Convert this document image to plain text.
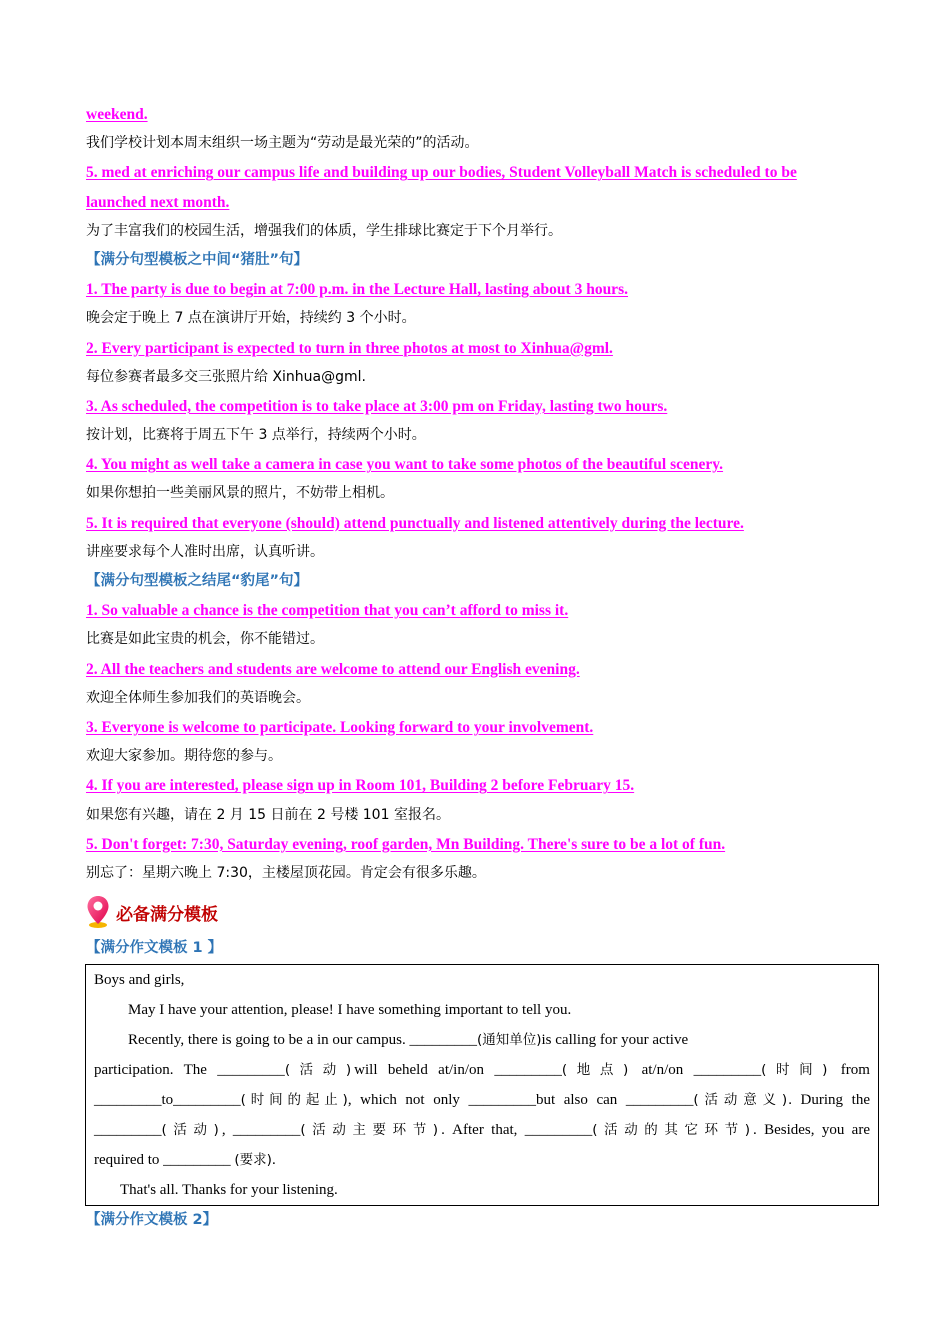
weekend.
我们学校计划本周末组织一场主题为“劳动是最光荣的”的活动。
5. med at enriching our campus life and building up our bodies, Student Volleyball Match is scheduled to be
launched next month.
为了丰富我们的校园生活，增强我们的体质，学生排球比赛定于下个月举行。
【满分句型模板之中间“猪肚”句】
1. The party is due to begin at 7:00 p.m. in the Lecture Hall, lasting about 3 hours.
晚会定于晚上 7 点在演讲厅开始，持续约 3 个小时。
2. Every participant is expected to turn in three photos at most to Xinhua@gml.
每位参赛者最多交三张照片给 Xinhua@gml.
3. As scheduled, the competition is to take place at 3:00 pm on Friday, lasting two hours.
按计划，比赛将于周五下午 3 点举行，持续两个小时。
4. You might as well take a camera in case you want to take some photos of the beautiful scenery.
如果你想拍一些美丽风景的照片，不妨带上相机。
5. It is required that everyone (should) attend punctually and listened attentively during the lecture.
讲座要求每个人准时出席，认真听讲。
【满分句型模板之结尾“豹尾”句】
1. So valuable a chance is the competition that you can’t afford to miss it.
比赛是如此宝贵的机会，你不能错过。
2. All the teachers and students are welcome to attend our English evening.
欢迎全体师生参加我们的英语晚会。
3. Everyone is welcome to participate. Looking forward to your involvement.
欢迎大家参加。期待您的参与。
4. If you are interested, please sign up in Room 101, Building 2 before February 15.
如果您有兴趣，请在 2 月 15 日前在 2 号楼 101 室报名。
5. Don't forget: 7:30, Saturday evening, roof garden, Mn Building. There's sure to be a lot of fun.
别忘了：星期六晚上 7:30，主楼屋顶花园。肯定会有很多乐趣。
必备满分模板
【满分作文模板 1 】
Boys and girls,
May I have your attention, please! I have something important to tell you.
Recently, there is going to be a in our campus. _________(通知单位)is calling for your active
participation. The _________(活动)will beheld at/in/on _________(地点) at/n/on _________(时间) from
_________to_________(时间的起止), which not only _________but also can _________(活动意义). During the
_________(活动), _________(活动主要环节). After that, _________(活动的其它环节). Besides, you are
required to _________ (要求).
That's all. Thanks for your listening.
【满分作文模板 2】
